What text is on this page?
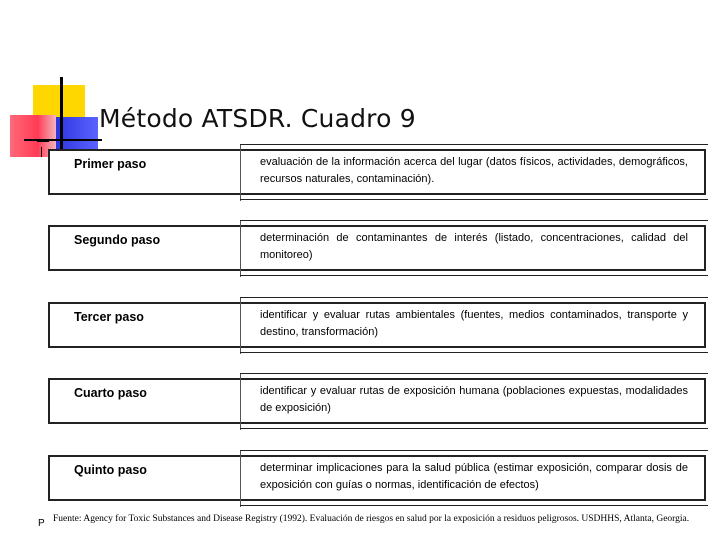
Método ATSDR. Cuadro 9
Primer paso	evaluación de la información acerca del lugar (datos físicos, actividades, demográficos, recursos naturales, contaminación).
Segundo paso	determinación de contaminantes de interés (listado, concentraciones, calidad del monitoreo)
Tercer paso	identificar y evaluar rutas ambientales (fuentes, medios contaminados, transporte y destino, transformación)
Cuarto paso	identificar y evaluar rutas de exposición humana (poblaciones expuestas, modalidades de exposición)
Quinto paso	determinar implicaciones para la salud pública (estimar exposición, comparar dosis de exposición con guías o normas, identificación de efectos)
P Fuente: Agency for Toxic Substances and Disease Registry (1992). Evaluación de riesgos en salud por la exposición a residuos peligrosos. USDHHS, Atlanta, Georgia.
